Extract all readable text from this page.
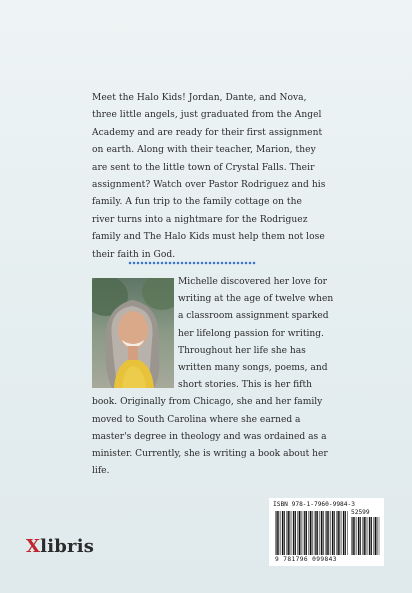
Meet the Halo Kids! Jordan, Dante, and Nova, three little angels, just graduated from the Angel Academy and are ready for their first assignment on earth. Along with their teacher, Marion, they are sent to the little town of Crystal Falls. Their assignment? Watch over Pastor Rodriguez and his family. A fun trip to the family cottage on the river turns into a nightmare for the Rodriguez family and The Halo Kids must help them not lose their faith in God.

Michelle discovered her love for writing at the age of twelve when a classroom assignment sparked her lifelong passion for writing. Throughout her life she has written many songs, poems, and short stories. This is her fifth book. Originally from Chicago, she and her family moved to South Carolina where she earned a master's degree in theology and was ordained as a minister. Currently, she is writing a book about her life.
Xlibris
ISBN 978-1-7960-9984-3
52599
9 781796 099843
